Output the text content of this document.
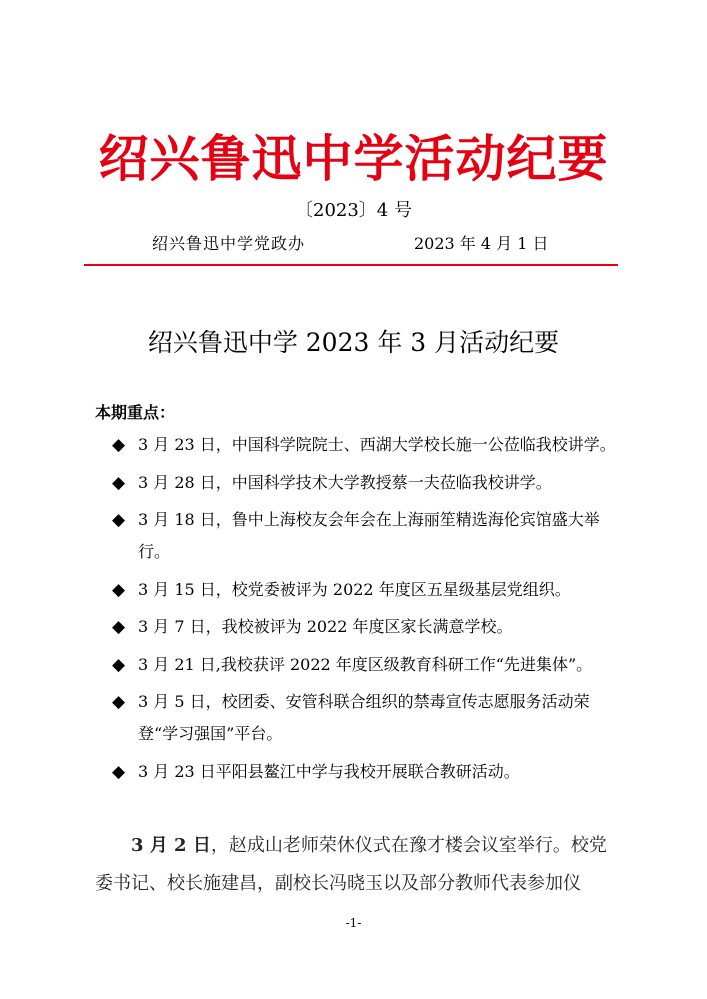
绍兴鲁迅中学活动纪要
〔2023〕4 号
绍兴鲁迅中学党政办	2023 年 4 月 1 日
绍兴鲁迅中学 2023 年 3 月活动纪要
本期重点：
◆ 3 月 23 日，中国科学院院士、西湖大学校长施一公莅临我校讲学。
◆ 3 月 28 日，中国科学技术大学教授蔡一夫莅临我校讲学。
◆ 3 月 18 日，鲁中上海校友会年会在上海丽笙精选海伦宾馆盛大举行。
◆ 3 月 15 日，校党委被评为 2022 年度区五星级基层党组织。
◆ 3 月 7 日，我校被评为 2022 年度区家长满意学校。
◆ 3 月 21 日,我校获评 2022 年度区级教育科研工作“先进集体”。
◆ 3 月 5 日，校团委、安管科联合组织的禁毒宣传志愿服务活动荣登“学习强国”平台。
◆ 3 月 23 日平阳县鳌江中学与我校开展联合教研活动。

3 月 2 日，赵成山老师荣休仪式在豫才楼会议室举行。校党委书记、校长施建昌，副校长冯晓玉以及部分教师代表参加仪

-1-
